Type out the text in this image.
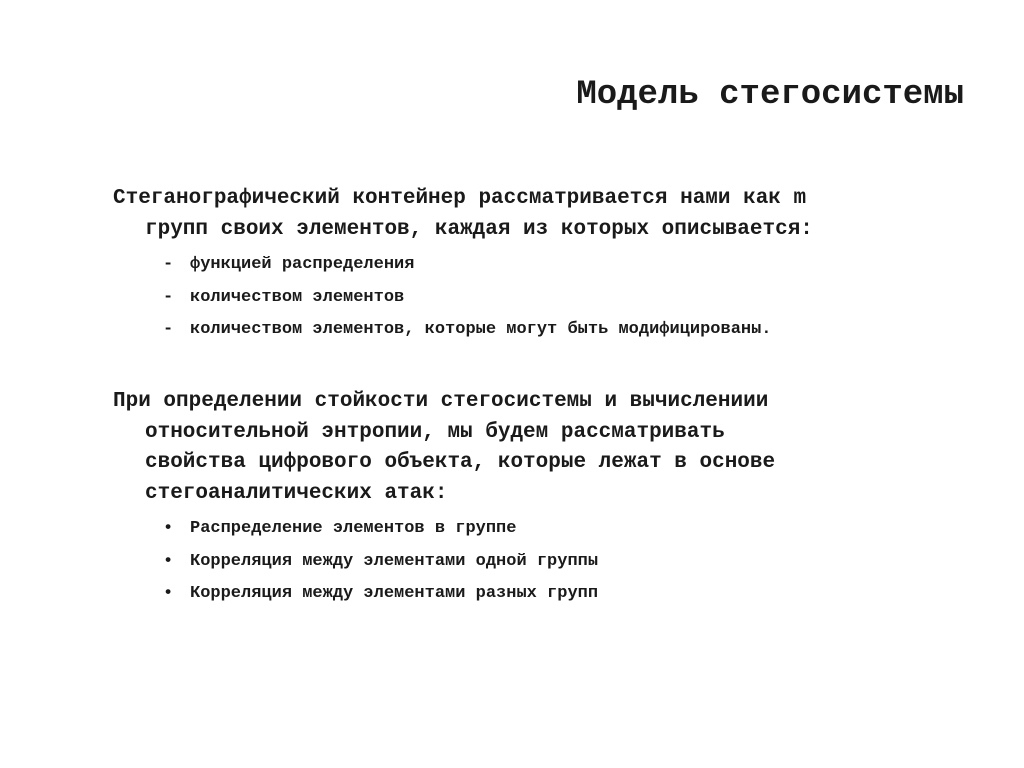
Модель стегосистемы
Стеганографический контейнер рассматривается нами как m
групп своих элементов, каждая из которых описывается:
- функцией распределения
- количеством элементов
- количеством элементов, которые могут быть модифицированы.
При определении стойкости стегосистемы и вычислениии
относительной энтропии, мы будем рассматривать
свойства цифрового объекта, которые лежат в основе
стегоаналитических атак:
• Распределение элементов в группе
• Корреляция между элементами одной группы
• Корреляция между элементами разных групп
